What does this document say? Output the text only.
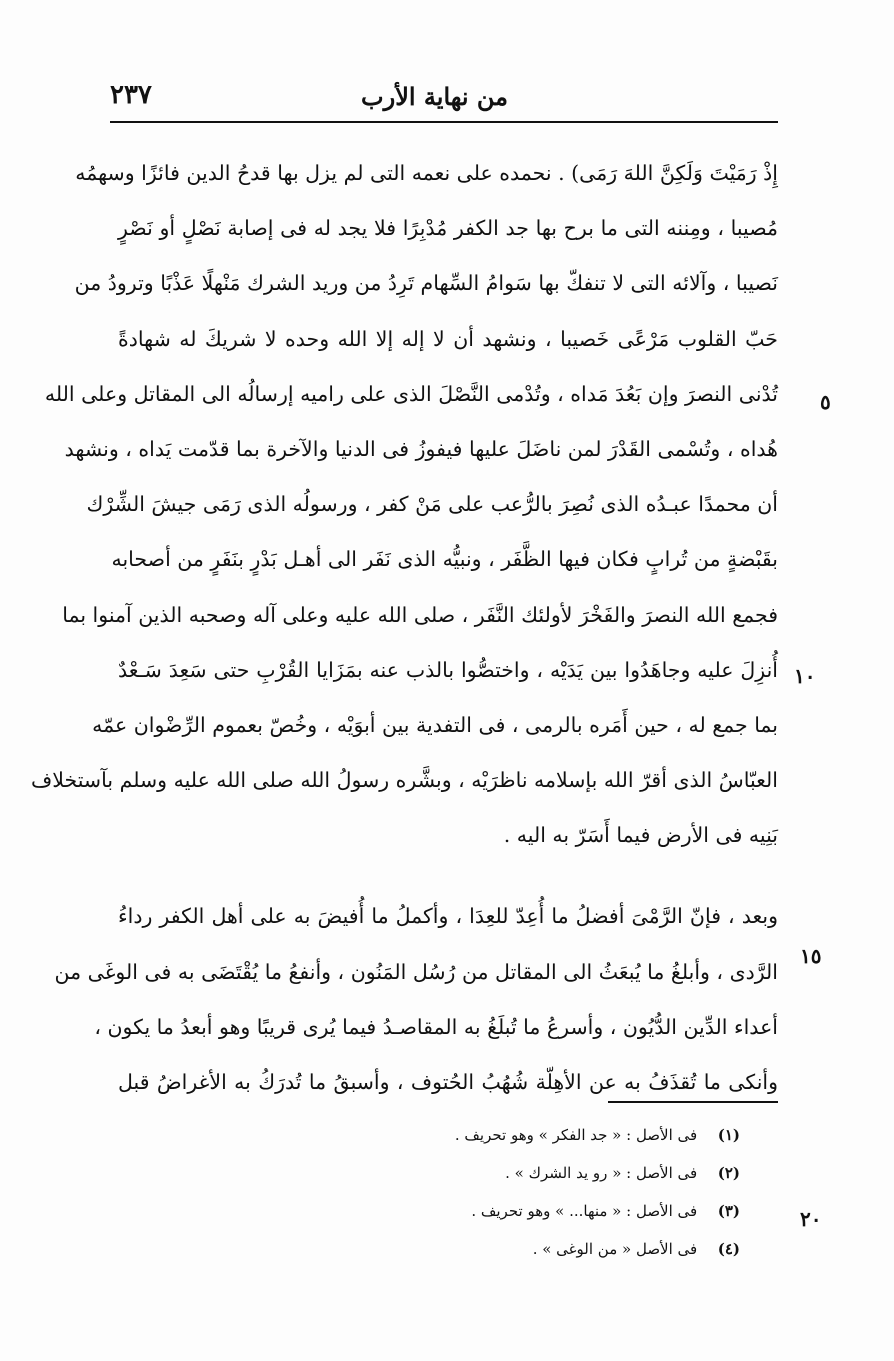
من نهاية الأرب
٢٣٧
إِذْ رَمَيْتَ وَلَكِنَّ اللهَ رَمَى) . نحمده على نعمه التى لم يزل بها قدحُ الدين فائزًا وسهمُه
مُصيبا ، ومِننه التى ما برح بها جد الكفر مُدْبِرًا فلا يجد له فى إصابة نَصْلٍ أو نَصْرٍ
نَصيبا ، وآلائه التى لا تنفكّ بها سَوامُ السِّهام تَرِدُ من وريد الشرك مَنْهلًا عَذْبًا وترودُ من
حَبّ القلوب مَرْعًى خَصيبا ، ونشهد أن لا إله إلا الله وحده لا شريكَ له شهادةً
تُدْنى النصرَ وإن بَعُدَ مَداه ، وتُدْمى النَّصْلَ الذى على راميه إرسالُه الى المقاتل وعلى الله
هُداه ، وتُسْمى القَدْرَ لمن ناضَلَ عليها فيفوزُ فى الدنيا والآخرة بما قدّمت يَداه ، ونشهد
أن محمدًا عبـدُه الذى نُصِرَ بالرُّعب على مَنْ كفر ، ورسولُه الذى رَمَى جيشَ الشِّرْك
بقَبْضةٍ من تُرابٍ فكان فيها الظَّفَر ، ونبيُّه الذى نَفَر الى أهـل بَدْرٍ بنَفَرٍ من أصحابه
فجمع الله النصرَ والفَخْرَ لأولئك النَّفَر ، صلى الله عليه وعلى آله وصحبه الذين آمنوا بما
أُنزِلَ عليه وجاهَدُوا بين يَدَيْه ، واختصُّوا بالذب عنه بمَزَايا القُرْبِ حتى سَعِدَ سَـعْدٌ
بما جمع له ، حين أَمَره بالرمى ، فى التفدية بين أبوَيْه ، وخُصّ بعموم الرِّضْوان عمّه
العبّاسُ الذى أقرّ الله بإسلامه ناظرَيْه ، وبشَّره رسولُ الله صلى الله عليه وسلم بآستخلاف
بَنِيه فى الأرض فيما أَسَرّ به اليه .
وبعد ، فإنّ الرَّمْىَ أفضلُ ما أُعِدّ للعِدَا ، وأكملُ ما أُفيضَ به على أهل الكفر رداءُ
الرَّدى ، وأبلغُ ما يُبعَثُ الى المقاتل من رُسُل المَنُون ، وأنفعُ ما يُقْتَضَى به فى الوغَى من
أعداء الدِّين الدُّيُون ، وأسرعُ ما تُبلَغُ به المقاصـدُ فيما يُرى قريبًا وهو أبعدُ ما يكون ،
وأنكى ما تُقذَفُ به عن الأهِلّة شُهُبُ الحُتوف ، وأسبقُ ما تُدرَكُ به الأغراضُ قبل
٥
١٠
١٥
٢٠
(١) فى الأصل : « جد الفكر » وهو تحريف .
(٢) فى الأصل : « رو يد الشرك » .
(٣) فى الأصل : « منها... » وهو تحريف .
(٤) فى الأصل « من الوغى » .
